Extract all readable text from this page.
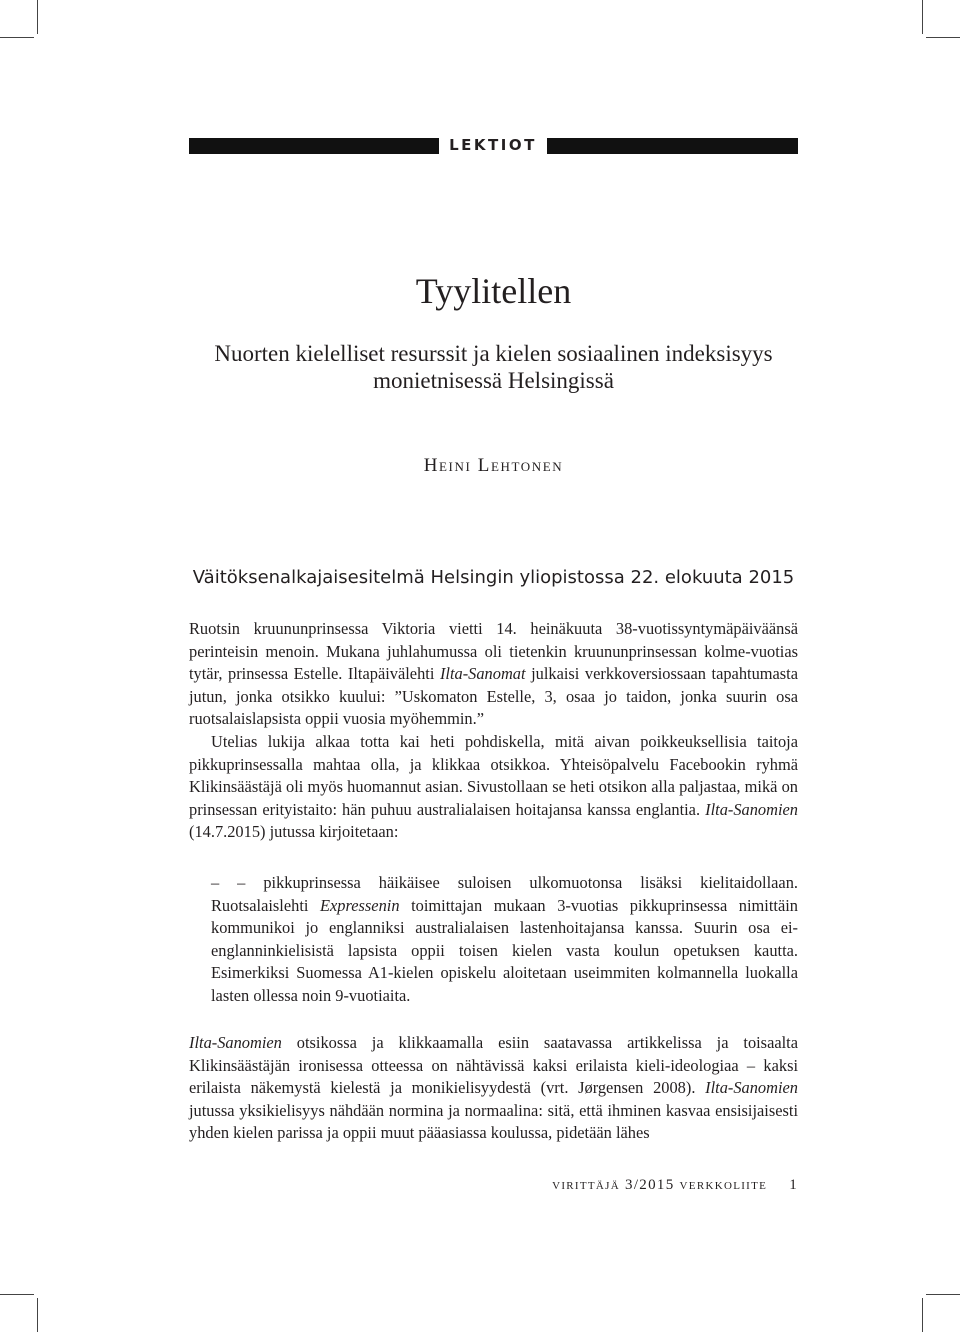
LEKTIOT
Tyylitellen
Nuorten kielelliset resurssit ja kielen sosiaalinen indeksisyys monietnisessä Helsingissä
Heini Lehtonen
Väitöksenalkajaisesitelmä Helsingin yliopistossa 22. elokuuta 2015

Ruotsin kruununprinsessa Viktoria vietti 14. heinäkuuta 38-vuotissyntymäpäiväänsä perinteisin menoin. Mukana juhlahumussa oli tietenkin kruununprinsessan kolme-vuotias tytär, prinsessa Estelle. Iltapäivälehti Ilta-Sanomat julkaisi verkkoversiossaan tapahtumasta jutun, jonka otsikko kuului: ”Uskomaton Estelle, 3, osaa jo taidon, jonka suurin osa ruotsalaislapsista oppii vuosia myöhemmin.”

Utelias lukija alkaa totta kai heti pohdiskella, mitä aivan poikkeuksellisia taitoja pikkuprinsessalla mahtaa olla, ja klikkaa otsikkoa. Yhteisöpalvelu Facebookin ryhmä Klikinsäästäjä oli myös huomannut asian. Sivustollaan se heti otsikon alla paljastaa, mikä on prinsessan erityistaito: hän puhuu australialaisen hoitajansa kanssa englantia. Ilta-Sanomien (14.7.2015) jutussa kirjoitetaan:

– – pikkuprinsessa häikäisee suloisen ulkomuotonsa lisäksi kielitaidollaan. Ruotsalaislehti Expressenin toimittajan mukaan 3-vuotias pikkuprinsessa nimittäin kommunikoi jo englanniksi australialaisen lastenhoitajansa kanssa. Suurin osa ei-englanninkielisistä lapsista oppii toisen kielen vasta koulun opetuksen kautta. Esimerkiksi Suomessa A1-kielen opiskelu aloitetaan useimmiten kolmannella luokalla lasten ollessa noin 9-vuotiaita.

Ilta-Sanomien otsikossa ja klikkaamalla esiin saatavassa artikkelissa ja toisaalta Klikinsäästäjän ironisessa otteessa on nähtävissä kaksi erilaista kieli-ideologiaa – kaksi erilaista näkemystä kielestä ja monikielisyydestä (vrt. Jørgensen 2008). Ilta-Sanomien jutussa yksikielisyys nähdään normina ja normaalina: sitä, että ihminen kasvaa ensisijaisesti yhden kielen parissa ja oppii muut pääasiassa koulussa, pidetään lähes

virittäjä 3/2015 verkkoliite 1
